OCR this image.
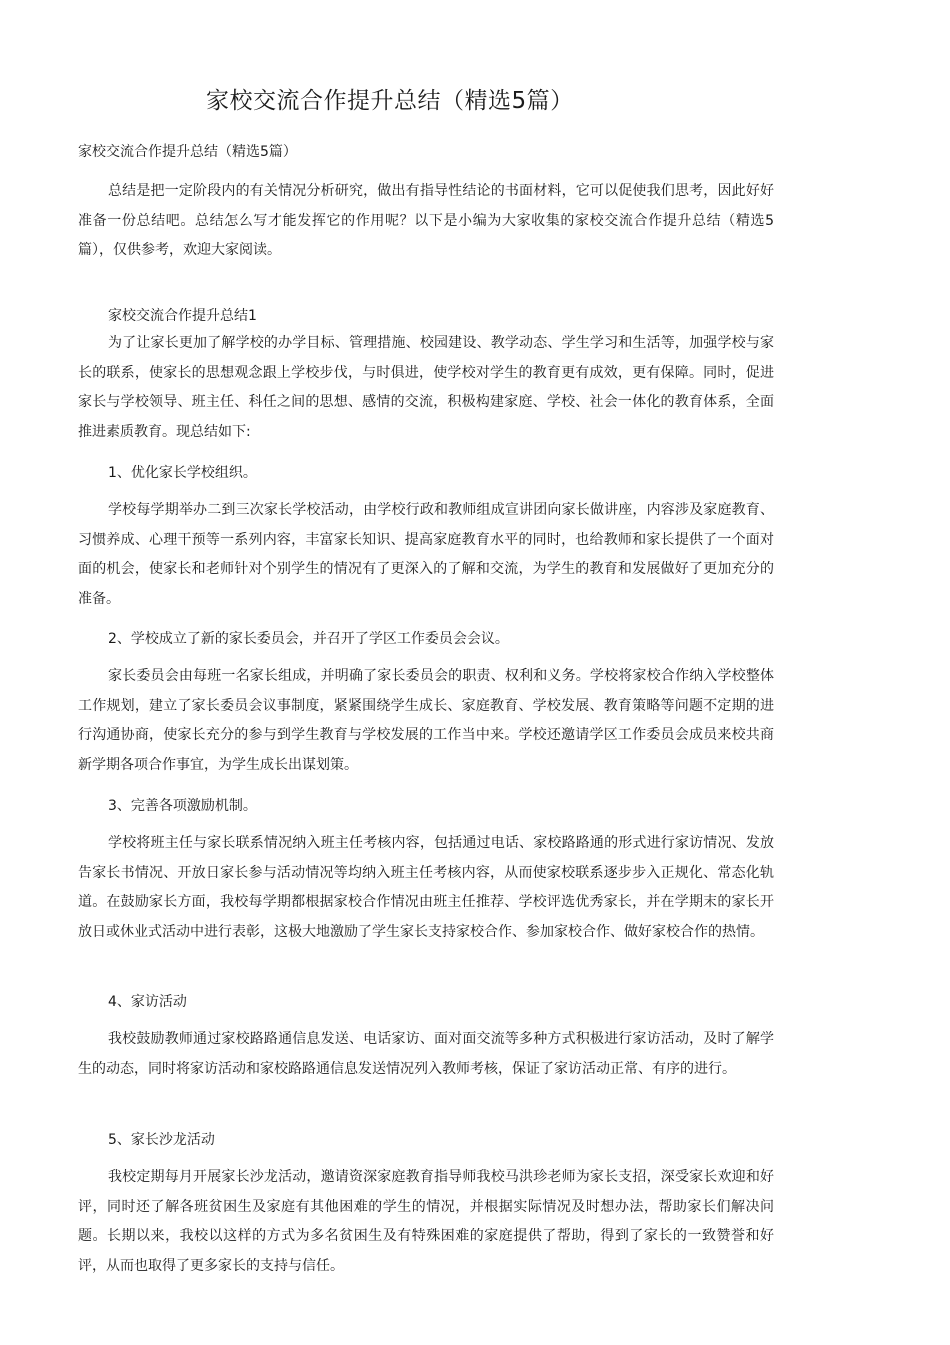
家校交流合作提升总结（精选5篇）
家校交流合作提升总结（精选5篇）

总结是把一定阶段内的有关情况分析研究，做出有指导性结论的书面材料，它可以促使我们思考，因此好好准备一份总结吧。总结怎么写才能发挥它的作用呢？以下是小编为大家收集的家校交流合作提升总结（精选5篇），仅供参考，欢迎大家阅读。

家校交流合作提升总结1

为了让家长更加了解学校的办学目标、管理措施、校园建设、教学动态、学生学习和生活等，加强学校与家长的联系，使家长的思想观念跟上学校步伐，与时俱进，使学校对学生的教育更有成效，更有保障。同时，促进家长与学校领导、班主任、科任之间的思想、感情的交流，积极构建家庭、学校、社会一体化的教育体系，全面推进素质教育。现总结如下:

1、优化家长学校组织。

学校每学期举办二到三次家长学校活动，由学校行政和教师组成宣讲团向家长做讲座，内容涉及家庭教育、习惯养成、心理干预等一系列内容，丰富家长知识、提高家庭教育水平的同时，也给教师和家长提供了一个面对面的机会，使家长和老师针对个别学生的情况有了更深入的了解和交流，为学生的教育和发展做好了更加充分的准备。

2、学校成立了新的家长委员会，并召开了学区工作委员会会议。

家长委员会由每班一名家长组成，并明确了家长委员会的职责、权利和义务。学校将家校合作纳入学校整体工作规划，建立了家长委员会议事制度，紧紧围绕学生成长、家庭教育、学校发展、教育策略等问题不定期的进行沟通协商，使家长充分的参与到学生教育与学校发展的工作当中来。学校还邀请学区工作委员会成员来校共商新学期各项合作事宜，为学生成长出谋划策。

3、完善各项激励机制。

学校将班主任与家长联系情况纳入班主任考核内容，包括通过电话、家校路路通的形式进行家访情况、发放告家长书情况、开放日家长参与活动情况等均纳入班主任考核内容，从而使家校联系逐步步入正规化、常态化轨道。在鼓励家长方面，我校每学期都根据家校合作情况由班主任推荐、学校评选优秀家长，并在学期末的家长开放日或休业式活动中进行表彰，这极大地激励了学生家长支持家校合作、参加家校合作、做好家校合作的热情。

4、家访活动

我校鼓励教师通过家校路路通信息发送、电话家访、面对面交流等多种方式积极进行家访活动，及时了解学生的动态，同时将家访活动和家校路路通信息发送情况列入教师考核，保证了家访活动正常、有序的进行。

5、家长沙龙活动

我校定期每月开展家长沙龙活动，邀请资深家庭教育指导师我校马洪珍老师为家长支招，深受家长欢迎和好评，同时还了解各班贫困生及家庭有其他困难的学生的情况，并根据实际情况及时想办法，帮助家长们解决问题。长期以来，我校以这样的方式为多名贫困生及有特殊困难的家庭提供了帮助，得到了家长的一致赞誉和好评，从而也取得了更多家长的支持与信任。
